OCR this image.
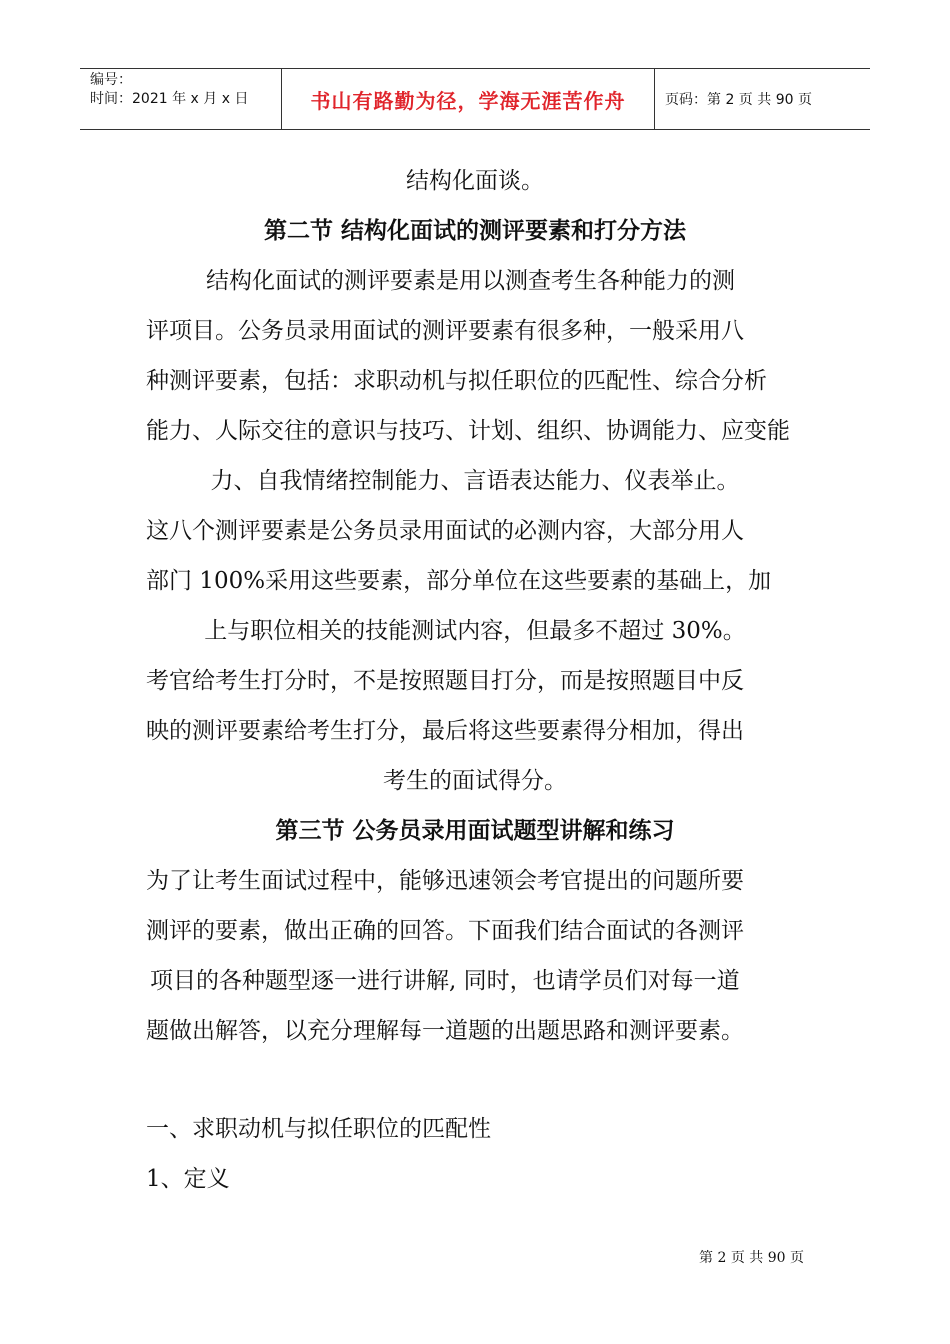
编号：
时间：2021 年 x 月 x 日	书山有路勤为径，学海无涯苦作舟	页码：第 2 页 共 90 页
结构化面谈。
第二节 结构化面试的测评要素和打分方法
结构化面试的测评要素是用以测查考生各种能力的测
评项目。公务员录用面试的测评要素有很多种，一般采用八
种测评要素，包括：求职动机与拟任职位的匹配性、综合分析
能力、人际交往的意识与技巧、计划、组织、协调能力、应变能
力、自我情绪控制能力、言语表达能力、仪表举止。
这八个测评要素是公务员录用面试的必测内容，大部分用人
部门 100%采用这些要素，部分单位在这些要素的基础上，加
上与职位相关的技能测试内容，但最多不超过 30%。
考官给考生打分时，不是按照题目打分，而是按照题目中反
映的测评要素给考生打分，最后将这些要素得分相加，得出
考生的面试得分。
第三节 公务员录用面试题型讲解和练习
为了让考生面试过程中，能够迅速领会考官提出的问题所要
测评的要素，做出正确的回答。下面我们结合面试的各测评
项目的各种题型逐一进行讲解, 同时，也请学员们对每一道
题做出解答，以充分理解每一道题的出题思路和测评要素。
一、求职动机与拟任职位的匹配性
1、定义
第 2 页 共 90 页
